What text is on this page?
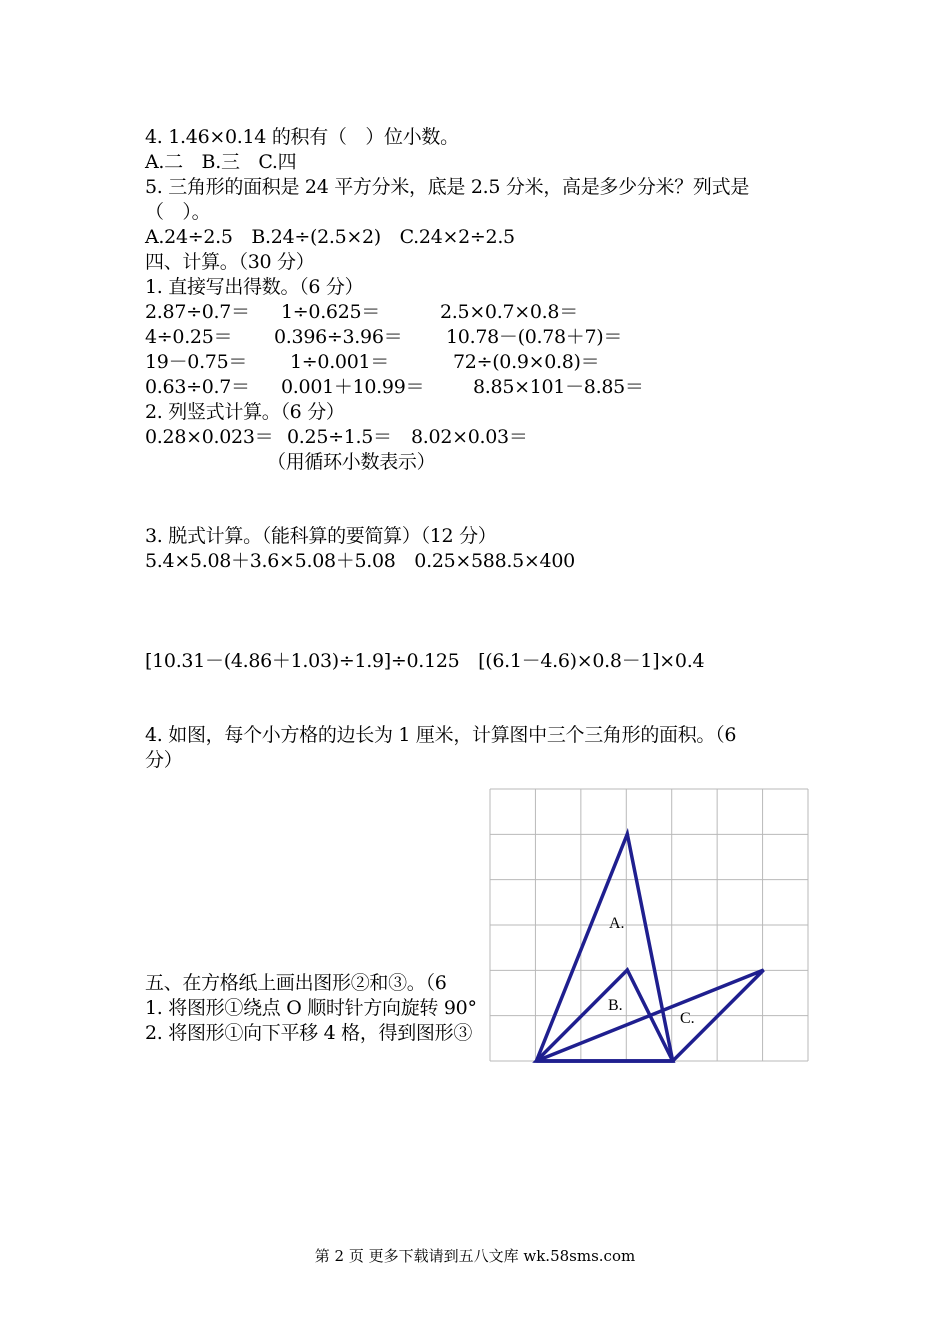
4. 1.46×0.14 的积有（　）位小数。
A.二　B.三　C.四
5. 三角形的面积是 24 平方分米，底是 2.5 分米，高是多少分米？列式是
（　）。
A.24÷2.5　B.24÷(2.5×2)　C.24×2÷2.5
四、计算。（30 分）
1. 直接写出得数。（6 分）
2.87÷0.7＝ 1÷0.625＝	2.5×0.7×0.8＝
4÷0.25＝ 0.396÷3.96＝ 10.78－(0.78＋7)＝
19－0.75＝ 1÷0.001＝	72÷(0.9×0.8)＝
0.63÷0.7＝ 0.001＋10.99＝	8.85×101－8.85＝
2. 列竖式计算。（6 分）
0.28×0.023＝ 0.25÷1.5＝ 8.02×0.03＝
（用循环小数表示）
3. 脱式计算。（能科算的要简算）（12 分）
5.4×5.08＋3.6×5.08＋5.08　0.25×588.5×400
[10.31－(4.86＋1.03)÷1.9]÷0.125　[(6.1－4.6)×0.8－1]×0.4
4. 如图，每个小方格的边长为 1 厘米，计算图中三个三角形的面积。（6
分）
五、在方格纸上画出图形②和③。（6
1. 将图形①绕点 O 顺时针方向旋转 90°
2. 将图形①向下平移 4 格，得到图形③
A.
B.
C.
第 2 页 更多下载请到五八文库 wk.58sms.com
